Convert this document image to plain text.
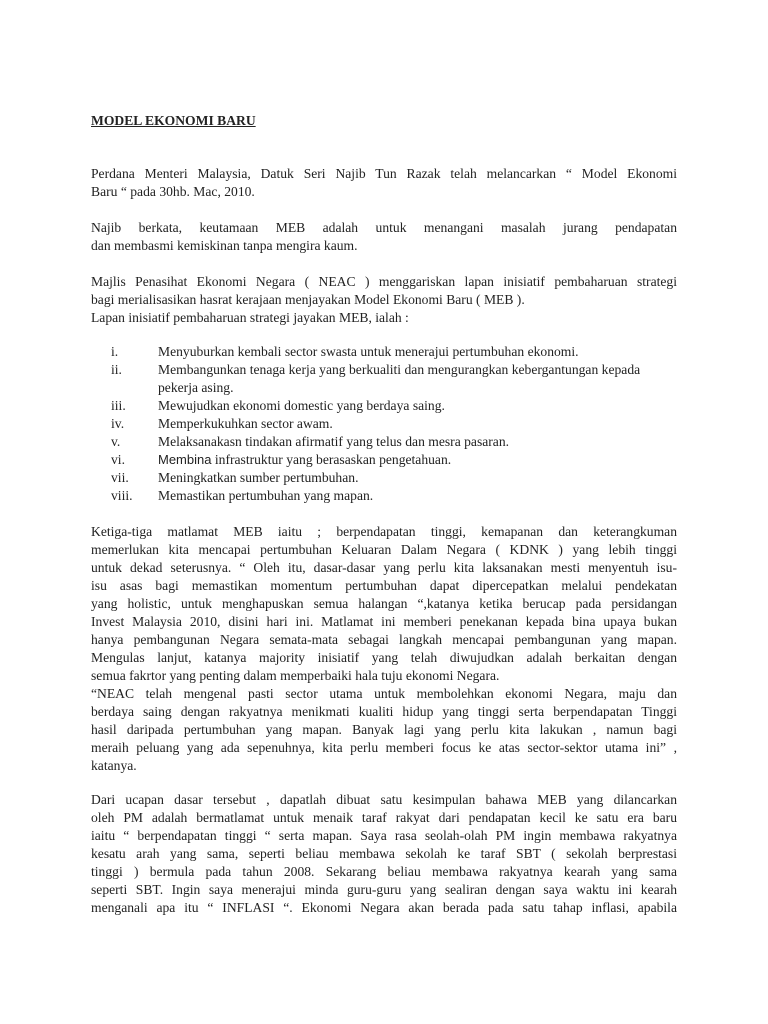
MODEL EKONOMI BARU
Perdana Menteri Malaysia, Datuk Seri Najib Tun Razak telah melancarkan “ Model Ekonomi
Baru “ pada 30hb. Mac, 2010.
Najib berkata, keutamaan MEB adalah untuk menangani masalah jurang pendapatan
dan membasmi kemiskinan tanpa mengira kaum.
Majlis Penasihat Ekonomi Negara ( NEAC ) menggariskan lapan inisiatif pembaharuan strategi
bagi merialisasikan hasrat kerajaan menjayakan Model Ekonomi Baru ( MEB ).
Lapan inisiatif pembaharuan strategi jayakan MEB, ialah :
i.	Menyuburkan kembali sector swasta untuk menerajui pertumbuhan ekonomi.
ii.	Membangunkan tenaga kerja yang berkualiti dan mengurangkan kebergantungan kepada pekerja asing.
iii.	Mewujudkan ekonomi domestic yang berdaya saing.
iv.	Memperkukuhkan sector awam.
v.	Melaksanakasn tindakan afirmatif yang telus dan mesra pasaran.
vi.	Membina infrastruktur yang berasaskan pengetahuan.
vii.	Meningkatkan sumber pertumbuhan.
viii.	Memastikan pertumbuhan yang mapan.
Ketiga-tiga matlamat MEB iaitu ; berpendapatan tinggi, kemapanan dan keterangkuman
memerlukan kita mencapai pertumbuhan Keluaran Dalam Negara ( KDNK ) yang lebih tinggi
untuk dekad seterusnya. “ Oleh itu, dasar-dasar yang perlu kita laksanakan mesti menyentuh isu-
isu asas bagi memastikan momentum pertumbuhan dapat dipercepatkan melalui pendekatan
yang holistic, untuk menghapuskan semua halangan “,katanya ketika berucap pada persidangan
Invest Malaysia 2010, disini hari ini. Matlamat ini memberi penekanan kepada bina upaya bukan
hanya pembangunan Negara semata-mata sebagai langkah mencapai pembangunan yang mapan.
Mengulas lanjut, katanya majority inisiatif yang telah diwujudkan adalah berkaitan dengan
semua fakrtor yang penting dalam memperbaiki hala tuju ekonomi Negara.
“NEAC telah mengenal pasti sector utama untuk membolehkan ekonomi Negara, maju dan
berdaya saing dengan rakyatnya menikmati kualiti hidup yang tinggi serta berpendapatan Tinggi
hasil daripada pertumbuhan yang mapan. Banyak lagi yang perlu kita lakukan , namun bagi
meraih peluang yang ada sepenuhnya, kita perlu memberi focus ke atas sector-sektor utama ini” ,
katanya.
Dari ucapan dasar tersebut , dapatlah dibuat satu kesimpulan bahawa MEB yang dilancarkan
oleh PM adalah bermatlamat untuk menaik taraf rakyat dari pendapatan kecil ke satu era baru
iaitu “ berpendapatan tinggi “ serta mapan. Saya rasa seolah-olah PM ingin membawa rakyatnya
kesatu arah yang sama, seperti beliau membawa sekolah ke taraf SBT ( sekolah berprestasi
tinggi ) bermula pada tahun 2008. Sekarang beliau membawa rakyatnya kearah yang sama
seperti SBT. Ingin saya menerajui minda guru-guru yang sealiran dengan saya waktu ini kearah
menganali apa itu “ INFLASI “. Ekonomi Negara akan berada pada satu tahap inflasi, apabila
